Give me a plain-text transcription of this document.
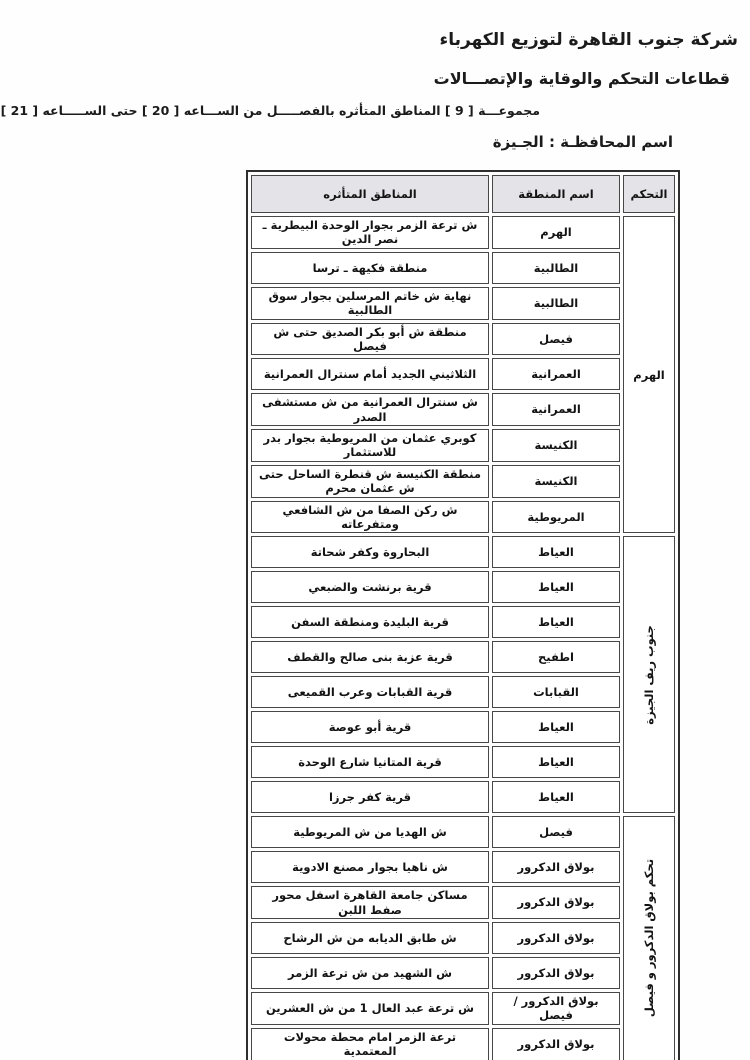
شركة جنوب القاهرة لتوزيع الكهرباء
قطاعات التحكم والوقاية والإتصـــالات
مجموعـــة [ 9 ] المناطق المتأثره بالفصـــــل من الســـاعه [ 20 ] حتى الســـــاعه [ 21 ]
اسم المحافظـة : الجـيزة
التحكم	اسم المنطقة	المناطق المتأثره
الهرم	الهرم	ش ترعة الزمر بجوار الوحدة البيطرية ـ نصر الدين
	الطالبية	منطقة فكيهة ـ ترسا
	الطالبية	نهاية ش خاتم المرسلين بجوار سوق الطالبية
	فيصل	منطقة ش أبو بكر الصديق حتى ش فيصل
	العمرانية	الثلاثيني الجديد أمام سنترال العمرانية
	العمرانية	ش سنترال العمرانية من ش مستشفى الصدر
	الكنيسة	كوبري عثمان من المريوطية بجوار بدر للاستثمار
	الكنيسة	منطقة الكنيسة ش قنطرة الساحل حتى ش عثمان محرم
	المريوطية	ش ركن الصفا من ش الشافعي ومتفرعاته

جنوب ريف الجيزة	العياط	البحاروة وكفر شحاتة
	العياط	قرية برنشت والضبعي
	العياط	قرية البليدة ومنطقة السفن
	اطفيح	قرية عزبة بنى صالح والقطف
	القبابات	قرية القبابات وعرب القميعى
	العياط	قرية أبو عوصة
	العياط	قرية المتانيا شارع الوحدة
	العياط	قرية كفر جرزا

تحكم بولاق الدكرور و فيصل	فيصل	ش الهديا من ش المريوطية
	بولاق الدكرور	ش ناهيا بجوار مصنع الادوية
	بولاق الدكرور	مساكن جامعة القاهرة اسفل محور صفط اللبن
	بولاق الدكرور	ش طابق الديابه من ش الرشاح
	بولاق الدكرور	ش الشهيد من ش ترعة الزمر
	بولاق الدكرور / فيصل	ش ترعة عبد العال 1 من ش العشرين
	بولاق الدكرور	ترعة الزمر امام محطة محولات المعتمدية
